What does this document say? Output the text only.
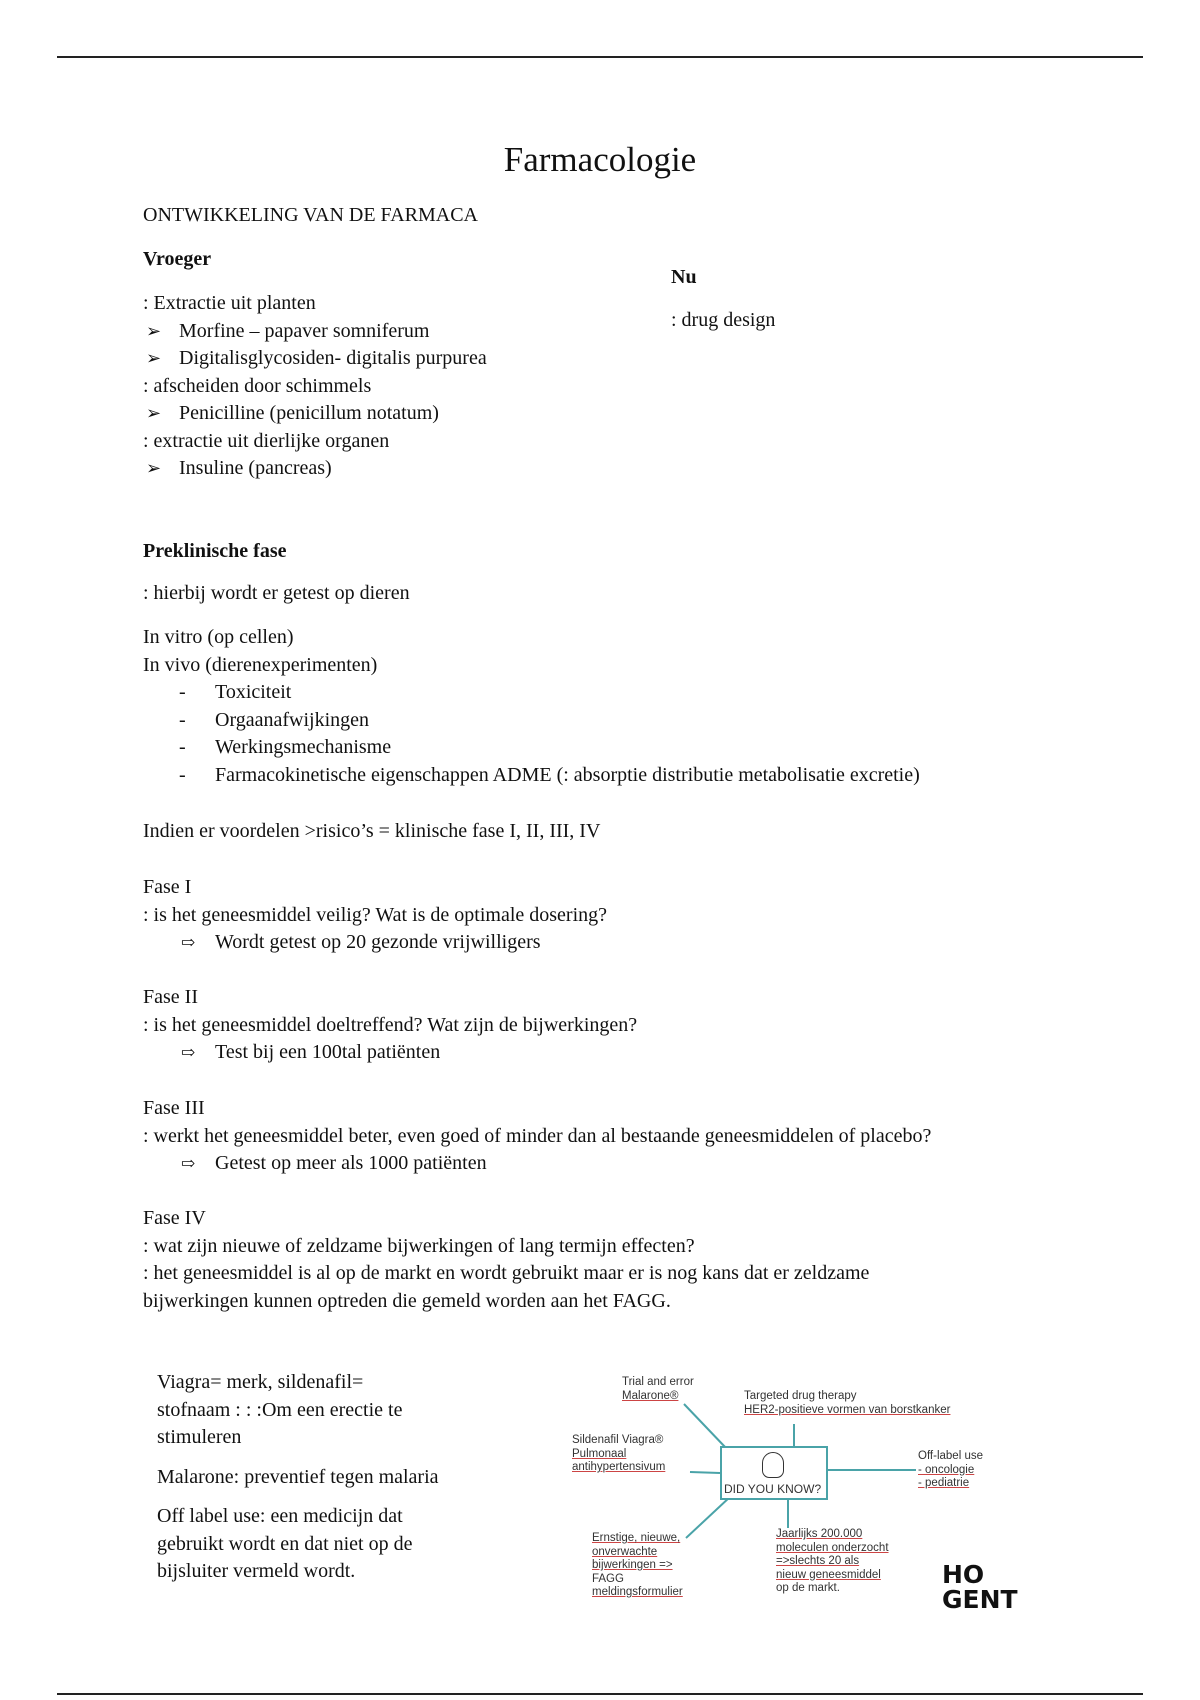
Farmacologie
ONTWIKKELING VAN DE FARMACA
Vroeger
: Extractie uit planten
➢ Morfine – papaver somniferum
➢ Digitalisglycosiden- digitalis purpurea
: afscheiden door schimmels
➢ Penicilline (penicillum notatum)
: extractie uit dierlijke organen
➢ Insuline (pancreas)
Nu
: drug design
Preklinische fase
: hierbij wordt er getest op dieren
In vitro (op cellen)
In vivo (dierenexperimenten)
- Toxiciteit
- Orgaanafwijkingen
- Werkingsmechanisme
- Farmacokinetische eigenschappen ADME (: absorptie distributie metabolisatie excretie)
Indien er voordelen >risico’s = klinische fase I, II, III, IV
Fase I
: is het geneesmiddel veilig? Wat is de optimale dosering?
⇨ Wordt getest op 20 gezonde vrijwilligers
Fase II
: is het geneesmiddel doeltreffend? Wat zijn de bijwerkingen?
⇨ Test bij een 100tal patiënten
Fase III
: werkt het geneesmiddel beter, even goed of minder dan al bestaande geneesmiddelen of placebo?
⇨ Getest op meer als 1000 patiënten
Fase IV
: wat zijn nieuwe of zeldzame bijwerkingen of lang termijn effecten?
: het geneesmiddel is al op de markt en wordt gebruikt maar er is nog kans dat er zeldzame
bijwerkingen kunnen optreden die gemeld worden aan het FAGG.
Viagra= merk, sildenafil=
stofnaam : : :Om een erectie te
stimuleren
Malarone: preventief tegen malaria
Off label use: een medicijn dat
gebruikt wordt en dat niet op de
bijsluiter vermeld wordt.
DID YOU KNOW?
Trial and error
Malarone®	Targeted drug therapy
HER2-positieve vormen van borstkanker
Sildenafil Viagra®
Pulmonaal
antihypertensivum
Off-label use
- oncologie
- pediatrie
Ernstige, nieuwe,
onverwachte
bijwerkingen =>
FAGG
meldingsformulier
Jaarlijks 200.000
moleculen onderzocht
=>slechts 20 als
nieuw geneesmiddel
op de markt.	HO
GENT
